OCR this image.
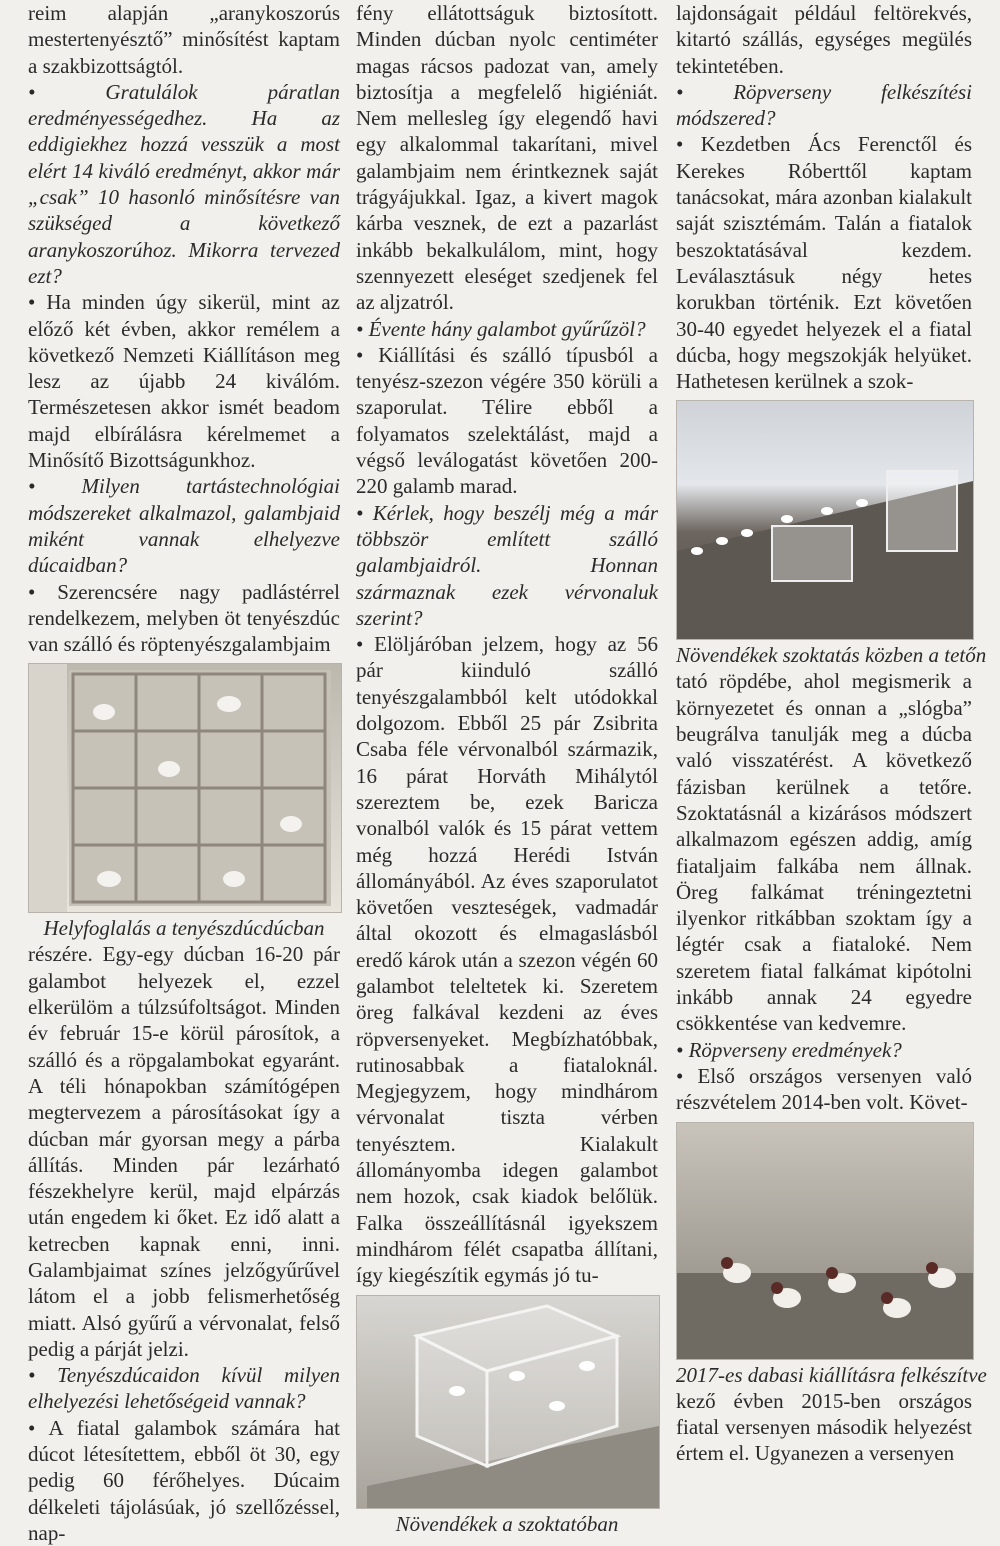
reim alapján „aranykoszorús mestertenyésztő” minősítést kaptam a szakbizottságtól.

• Gratulálok páratlan eredményességedhez. Ha az eddigiekhez hozzá vesszük a most elért 14 kiváló eredményt, akkor már „csak” 10 hasonló minősítésre van szükséged a következő aranykoszorúhoz. Mikorra tervezed ezt?

• Ha minden úgy sikerül, mint az előző két évben, akkor remélem a következő Nemzeti Kiállításon meg lesz az újabb 24 kiválóm. Természetesen akkor ismét beadom majd elbírálásra kérelmemet a Minősítő Bizottságunkhoz.

• Milyen tartástechnológiai módszereket alkalmazol, galambjaid miként vannak elhelyezve dúcaidban?

• Szerencsére nagy padlástérrel rendelkezem, melyben öt tenyészdúc van szálló és röptenyészgalambjaim

Helyfoglalás a tenyészdúcdúcban

részére. Egy-egy dúcban 16-20 pár galambot helyezek el, ezzel elkerülöm a túlzsúfoltságot. Minden év február 15-e körül párosítok, a szálló és a röpgalambokat egyaránt. A téli hónapokban számítógépen megtervezem a párosításokat így a dúcban már gyorsan megy a párba állítás. Minden pár lezárható fészekhelyre kerül, majd elpárzás után engedem ki őket. Ez idő alatt a ketrecben kapnak enni, inni. Galambjaimat színes jelzőgyűrűvel látom el a jobb felismerhetőség miatt. Alsó gyűrű a vérvonalat, felső pedig a párját jelzi.

• Tenyészdúcaidon kívül milyen elhelyezési lehetőségeid vannak?

• A fiatal galambok számára hat dúcot létesítettem, ebből öt 30, egy pedig 60 férőhelyes. Dúcaim délkeleti tájolásúak, jó szellőzéssel, nap-

fény ellátottságuk biztosított. Minden dúcban nyolc centiméter magas rácsos padozat van, amely biztosítja a megfelelő higiéniát. Nem mellesleg így elegendő havi egy alkalommal takarítani, mivel galambjaim nem érintkeznek saját trágyájukkal. Igaz, a kivert magok kárba vesznek, de ezt a pazarlást inkább bekalkulálom, mint, hogy szennyezett eleséget szedjenek fel az aljzatról.

• Évente hány galambot gyűrűzöl?

• Kiállítási és szálló típusból a tenyész-szezon végére 350 körüli a szaporulat. Télire ebből a folyamatos szelektálást, majd a végső leválogatást követően 200-220 galamb marad.

• Kérlek, hogy beszélj még a már többször említett szálló galambjaidról. Honnan származnak ezek vérvonaluk szerint?

• Elöljáróban jelzem, hogy az 56 pár kiinduló szálló tenyészgalambból kelt utódokkal dolgozom. Ebből 25 pár Zsibrita Csaba féle vérvonalból származik, 16 párat Horváth Mihálytól szereztem be, ezek Baricza vonalból valók és 15 párat vettem még hozzá Herédi István állományából. Az éves szaporulatot követően veszteségek, vadmadár által okozott és elmagaslásból eredő károk után a szezon végén 60 galambot teleltetek ki. Szeretem öreg falkával kezdeni az éves röpversenyeket. Megbízhatóbbak, rutinosabbak a fiataloknál. Megjegyzem, hogy mindhárom vérvonalat tiszta vérben tenyésztem. Kialakult állományomba idegen galambot nem hozok, csak kiadok belőlük. Falka összeállításnál igyekszem mindhárom félét csapatba állítani, így kiegészítik egymás jó tu-

Növendékek a szoktatóban

lajdonságait például feltörekvés, kitartó szállás, egységes megülés tekintetében.

• Röpverseny felkészítési módszered?

• Kezdetben Ács Ferenctől és Kerekes Róberttől kaptam tanácsokat, mára azonban kialakult saját szisztémám. Talán a fiatalok beszoktatásával kezdem. Leválasztásuk négy hetes korukban történik. Ezt követően 30-40 egyedet helyezek el a fiatal dúcba, hogy megszokják helyüket. Hathetesen kerülnek a szok-

Növendékek szoktatás közben a tetőn

tató röpdébe, ahol megismerik a környezetet és onnan a „slógba” beugrálva tanulják meg a dúcba való visszatérést. A következő fázisban kerülnek a tetőre. Szoktatásnál a kizárásos módszert alkalmazom egészen addig, amíg fiataljaim falkába nem állnak. Öreg falkámat tréningeztetni ilyenkor ritkábban szoktam így a légtér csak a fiataloké. Nem szeretem fiatal falkámat kipótolni inkább annak 24 egyedre csökkentése van kedvemre.

• Röpverseny eredmények?

• Első országos versenyen való részvételem 2014-ben volt. Követ-

2017-es dabasi kiállításra felkészítve

kező évben 2015-ben országos fiatal versenyen második helyezést értem el. Ugyanezen a versenyen
